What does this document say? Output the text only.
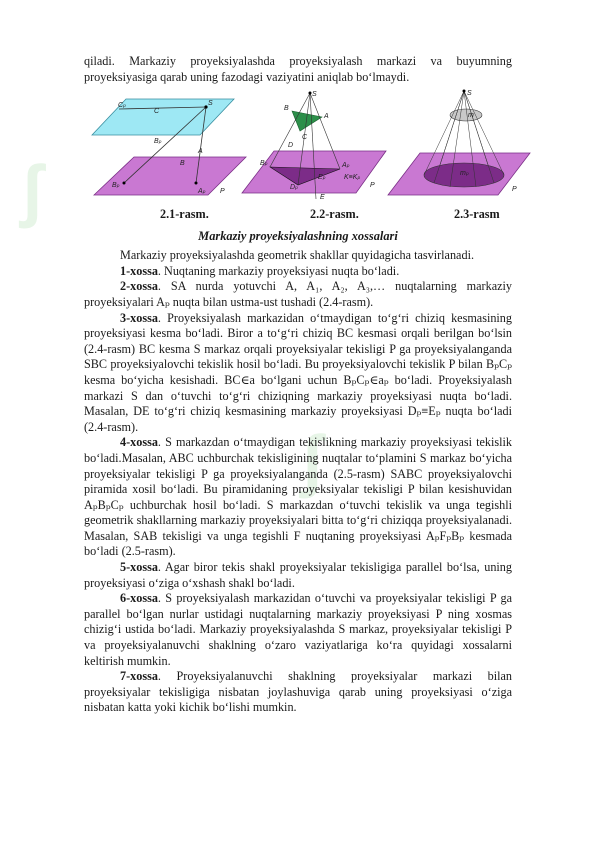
ʃ
ʃ

qiladi. Markaziy proyeksiyalashda proyeksiyalash markazi va buyumning proyeksiyasiga qarab uning fazodagi vaziyatini aniqlab bo‘lmaydi.

Cₚ
C
S
Bₚ
A
B
Bₚ
Aₚ P
S
B
A
C
D
Bₚ	Aₚ
Dₚ
Eₚ
E
K≡Kₚ
P
S
m
mₚ
P
2.1-rasm.	2.2-rasm.	2.3-rasm
Markaziy proyeksiyalashning xossalari

Markaziy proyeksiyalashda geometrik shakllar quyidagicha tasvirlanadi.

1-xossa. Nuqtaning markaziy proyeksiyasi nuqta bo‘ladi.

2-xossa. SA nurda yotuvchi A, A₁, A₂, A₃,… nuqtalarning markaziy proyeksiyalari Aₚ nuqta bilan ustma-ust tushadi (2.4-rasm).

3-xossa. Proyeksiyalash markazidan o‘tmaydigan to‘g‘ri chiziq kesmasining proyeksiyasi kesma bo‘ladi. Biror a to‘g‘ri chiziq BC kesmasi orqali berilgan bo‘lsin (2.4-rasm) BC kesma S markaz orqali proyeksiyalar tekisligi P ga proyeksiyalanganda SBC proyeksiyalovchi tekislik hosil bo‘ladi. Bu proyeksiyalovchi tekislik P bilan BₚCₚ kesma bo‘yicha kesishadi. BC∈a bo‘lgani uchun BₚCₚ∈aₚ bo‘ladi. Proyeksiyalash markazi S dan o‘tuvchi to‘g‘ri chiziqning markaziy proyeksiyasi nuqta bo‘ladi. Masalan, DE to‘g‘ri chiziq kesmasining markaziy proyeksiyasi Dₚ≡Eₚ nuqta bo‘ladi (2.4-rasm).

4-xossa. S markazdan o‘tmaydigan tekislikning markaziy proyeksiyasi tekislik bo‘ladi.Masalan, ABC uchburchak tekisligining nuqtalar to‘plamini S markaz bo‘yicha proyeksiyalar tekisligi P ga proyeksiyalanganda (2.5-rasm) SABC proyeksiyalovchi piramida xosil bo‘ladi. Bu piramidaning proyeksiyalar tekisligi P bilan kesishuvidan AₚBₚCₚ uchburchak hosil bo‘ladi. S markazdan o‘tuvchi tekislik va unga tegishli geometrik shakllarning markaziy proyeksiyalari bitta to‘g‘ri chiziqqa proyeksiyalanadi. Masalan, SAB tekisligi va unga tegishli F nuqtaning proyeksiyasi AₚFₚBₚ kesmada bo‘ladi (2.5-rasm).

5-xossa. Agar biror tekis shakl proyeksiyalar tekisligiga parallel bo‘lsa, uning proyeksiyasi o‘ziga o‘xshash shakl bo‘ladi.

6-xossa. S proyeksiyalash markazidan o‘tuvchi va proyeksiyalar tekisligi P ga parallel bo‘lgan nurlar ustidagi nuqtalarning markaziy proyeksiyasi P ning xosmas chizig‘i ustida bo‘ladi. Markaziy proyeksiyalashda S markaz, proyeksiyalar tekisligi P va proyeksiyalanuvchi shaklning o‘zaro vaziyatlariga ko‘ra quyidagi xossalarni keltirish mumkin.

7-xossa. Proyeksiyalanuvchi shaklning proyeksiyalar markazi bilan proyeksiyalar tekisligiga nisbatan joylashuviga qarab uning proyeksiyasi o‘ziga nisbatan katta yoki kichik bo‘lishi mumkin.
